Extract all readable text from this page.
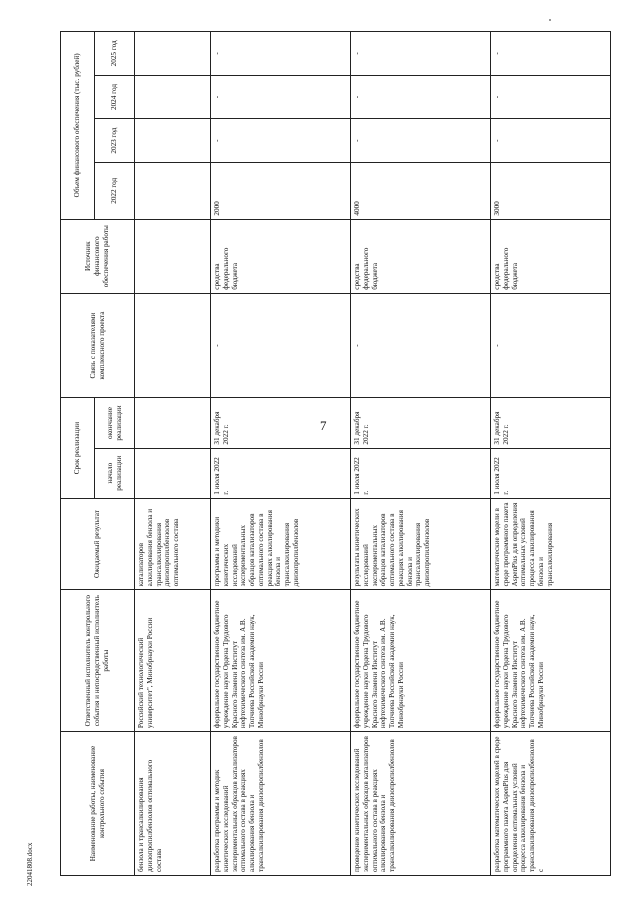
7
Наименование работы, наименование контрольного события	Ответственный исполнитель контрольного события и непосредственный исполнитель работы	Ожидаемый результат	Срок реализации		Связь с показателями комплексного проекта	Источник финансового обеспечения работы	Объем финансового обеспечения (тыс. рублей)			
			начало реализации	окончание реализации			2022 год	2023 год	2024 год	2025 год
бензола и трансалкилирования диизопропилбензолов оптимального состава	Российский технологический университет", Минобрнауки России	катализаторов алкилирования бензола и трансалкилирования диизопропилбензолов оптимального состава								
разработка программы и методик кинетических исследований экспериментальных образцов катализаторов оптимального состава в реакциях алкилирования бензола и трансалкилирования диизопропилбензолов	федеральное государственное бюджетное учреждение науки Ордена Трудового Красного Знамени Институт нефтехимического синтеза им. А.В. Топчиева Российской академии наук, Минобрнауки России	программа и методики кинетических исследований экспериментальных образцов катализаторов оптимального состава в реакциях алкилирования бензола и трансалкилирования диизопропилбензолов	1 июля 2022 г.	31 декабря 2022 г.	-	средства федерального бюджета	2000	-	-	-
проведение кинетических исследований экспериментальных образцов катализаторов оптимального состава в реакциях алкилирования бензола и трансалкилирования диизопропилбензолов	федеральное государственное бюджетное учреждение науки Ордена Трудового Красного Знамени Институт нефтехимического синтеза им. А.В. Топчиева Российской академии наук, Минобрнауки России	результаты кинетических исследований экспериментальных образцов катализаторов оптимального состава в реакциях алкилирования бензола и трансалкилирования диизопропилбензолов	1 июля 2022 г.	31 декабря 2022 г.	-	средства федерального бюджета	4000	-	-	-
разработка математических моделей в среде программного пакета AspenPlus для определения оптимальных условий процесса алкилирования бензола и трансалкилирования диизопропилбензолов с	федеральное государственное бюджетное учреждение науки Ордена Трудового Красного Знамени Институт нефтехимического синтеза им. А.В. Топчиева Российской академии наук, Минобрнауки России	математические модели в среде программного пакета AspenPlus для определения оптимальных условий процесса алкилирования бензола и трансалкилирования	1 июля 2022 г.	31 декабря 2022 г.	-	средства федерального бюджета	3000	-	-	-
22041808.docx
